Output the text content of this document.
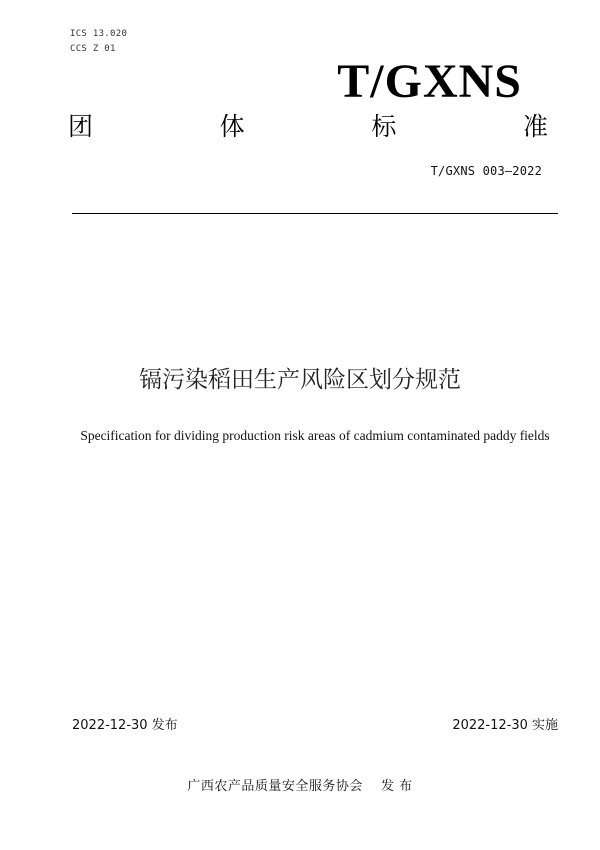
ICS 13.020
CCS Z 01
T/GXNS
团	体	标	准
T/GXNS 003—2022
镉污染稻田生产风险区划分规范
Specification for dividing production risk areas of cadmium contaminated paddy fields
2022-12-30 发布	2022-12-30 实施
广西农产品质量安全服务协会 发 布
